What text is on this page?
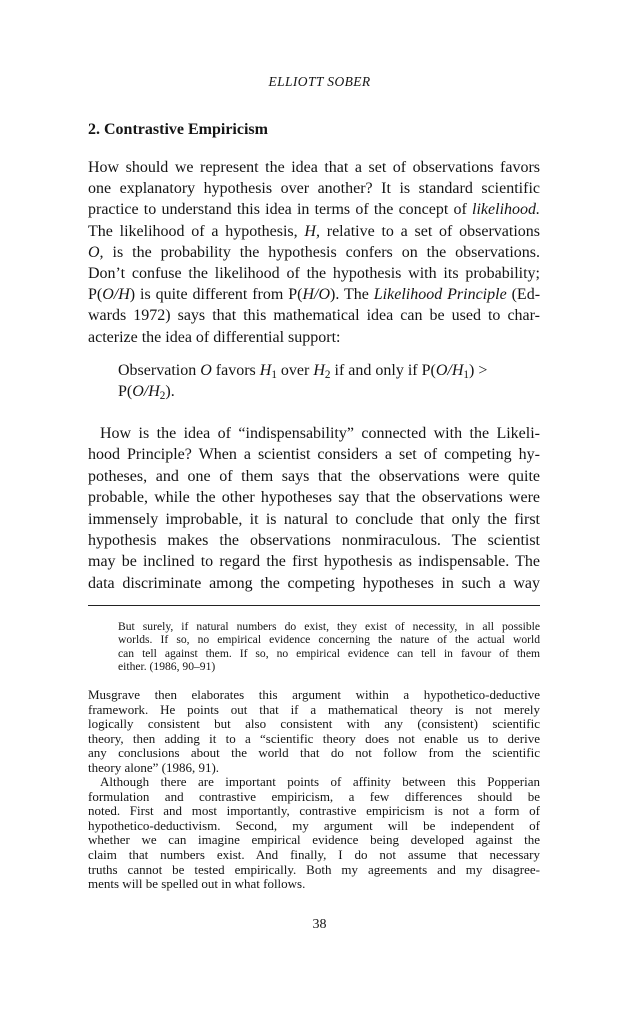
ELLIOTT SOBER
2. Contrastive Empiricism
How should we represent the idea that a set of observations favors
one explanatory hypothesis over another? It is standard scientific
practice to understand this idea in terms of the concept of likelihood.
The likelihood of a hypothesis, H, relative to a set of observations
O, is the probability the hypothesis confers on the observations.
Don’t confuse the likelihood of the hypothesis with its probability;
P(O/H) is quite different from P(H/O). The Likelihood Principle (Ed-
wards 1972) says that this mathematical idea can be used to char-
acterize the idea of differential support:
Observation O favors $H_1$ over $H_2$ if and only if $P(O/H_1)$ >
$P(O/H_2)$.
How is the idea of “indispensability” connected with the Likeli-
hood Principle? When a scientist considers a set of competing hy-
potheses, and one of them says that the observations were quite
probable, while the other hypotheses say that the observations were
immensely improbable, it is natural to conclude that only the first
hypothesis makes the observations nonmiraculous. The scientist
may be inclined to regard the first hypothesis as indispensable. The
data discriminate among the competing hypotheses in such a way
But surely, if natural numbers do exist, they exist of necessity, in all possible
worlds. If so, no empirical evidence concerning the nature of the actual world
can tell against them. If so, no empirical evidence can tell in favour of them
either. (1986, 90–91)
Musgrave then elaborates this argument within a hypothetico-deductive
framework. He points out that if a mathematical theory is not merely
logically consistent but also consistent with any (consistent) scientific
theory, then adding it to a “scientific theory does not enable us to derive
any conclusions about the world that do not follow from the scientific
theory alone” (1986, 91).
Although there are important points of affinity between this Popperian
formulation and contrastive empiricism, a few differences should be
noted. First and most importantly, contrastive empiricism is not a form of
hypothetico-deductivism. Second, my argument will be independent of
whether we can imagine empirical evidence being developed against the
claim that numbers exist. And finally, I do not assume that necessary
truths cannot be tested empirically. Both my agreements and my disagree-
ments will be spelled out in what follows.
38
